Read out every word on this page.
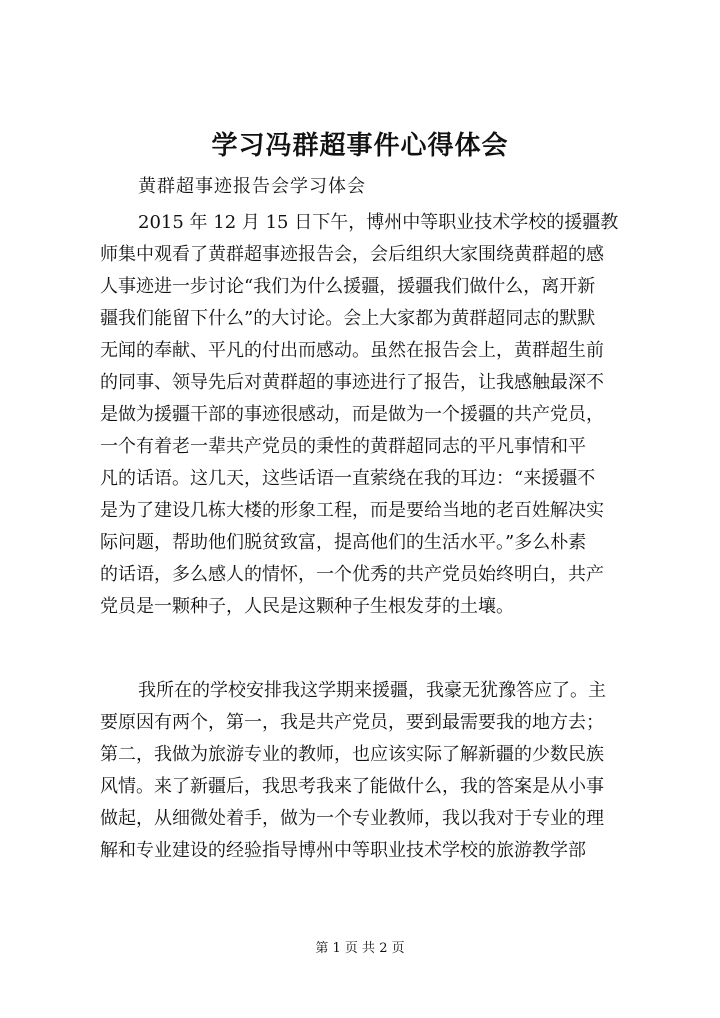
学习冯群超事件心得体会
黄群超事迹报告会学习体会
2015 年 12 月 15 日下午，博州中等职业技术学校的援疆教
师集中观看了黄群超事迹报告会，会后组织大家围绕黄群超的感
人事迹进一步讨论“我们为什么援疆，援疆我们做什么，离开新
疆我们能留下什么”的大讨论。会上大家都为黄群超同志的默默
无闻的奉献、平凡的付出而感动。虽然在报告会上，黄群超生前
的同事、领导先后对黄群超的事迹进行了报告，让我感触最深不
是做为援疆干部的事迹很感动，而是做为一个援疆的共产党员，
一个有着老一辈共产党员的秉性的黄群超同志的平凡事情和平
凡的话语。这几天，这些话语一直萦绕在我的耳边：“来援疆不
是为了建设几栋大楼的形象工程，而是要给当地的老百姓解决实
际问题，帮助他们脱贫致富，提高他们的生活水平。”多么朴素
的话语，多么感人的情怀，一个优秀的共产党员始终明白，共产
党员是一颗种子，人民是这颗种子生根发芽的土壤。
我所在的学校安排我这学期来援疆，我豪无犹豫答应了。主
要原因有两个，第一，我是共产党员，要到最需要我的地方去；
第二，我做为旅游专业的教师，也应该实际了解新疆的少数民族
风情。来了新疆后，我思考我来了能做什么，我的答案是从小事
做起，从细微处着手，做为一个专业教师，我以我对于专业的理
解和专业建设的经验指导博州中等职业技术学校的旅游教学部
第 1 页 共 2 页
